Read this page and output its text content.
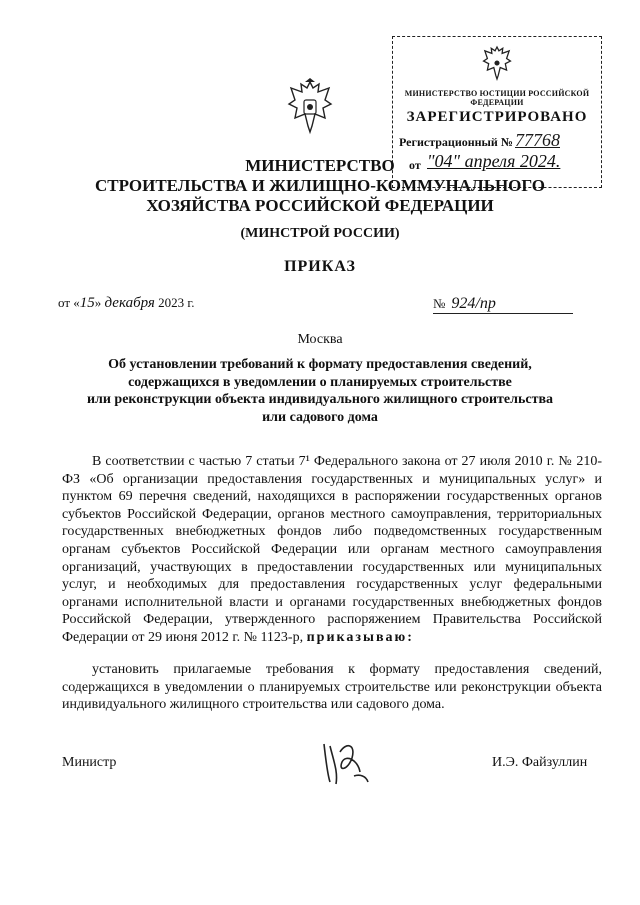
МИНИСТЕРСТВО ЮСТИЦИИ РОССИЙСКОЙ ФЕДЕРАЦИИ
ЗАРЕГИСТРИРОВАНО
Регистрационный № 77768
от "04" апреля 2024.
МИНИСТЕРСТВО
СТРОИТЕЛЬСТВА И ЖИЛИЩНО-КОММУНАЛЬНОГО
ХОЗЯЙСТВА РОССИЙСКОЙ ФЕДЕРАЦИИ
(МИНСТРОЙ РОССИИ)
ПРИКАЗ
от «15» декабря 2023 г.	№ 924/пр
Москва
Об установлении требований к формату предоставления сведений,
содержащихся в уведомлении о планируемых строительстве
или реконструкции объекта индивидуального жилищного строительства
или садового дома
В соответствии с частью 7 статьи 7¹ Федерального закона от 27 июля 2010 г. № 210-ФЗ «Об организации предоставления государственных и муниципальных услуг» и пунктом 69 перечня сведений, находящихся в распоряжении государственных органов субъектов Российской Федерации, органов местного самоуправления, территориальных государственных внебюджетных фондов либо подведомственных государственным органам субъектов Российской Федерации или органам местного самоуправления организаций, участвующих в предоставлении государственных или муниципальных услуг, и необходимых для предоставления государственных услуг федеральными органами исполнительной власти и органами государственных внебюджетных фондов Российской Федерации, утвержденного распоряжением Правительства Российской Федерации от 29 июня 2012 г. № 1123-р, приказываю:
установить прилагаемые требования к формату предоставления сведений, содержащихся в уведомлении о планируемых строительстве или реконструкции объекта индивидуального жилищного строительства или садового дома.
Министр	И.Э. Файзуллин
